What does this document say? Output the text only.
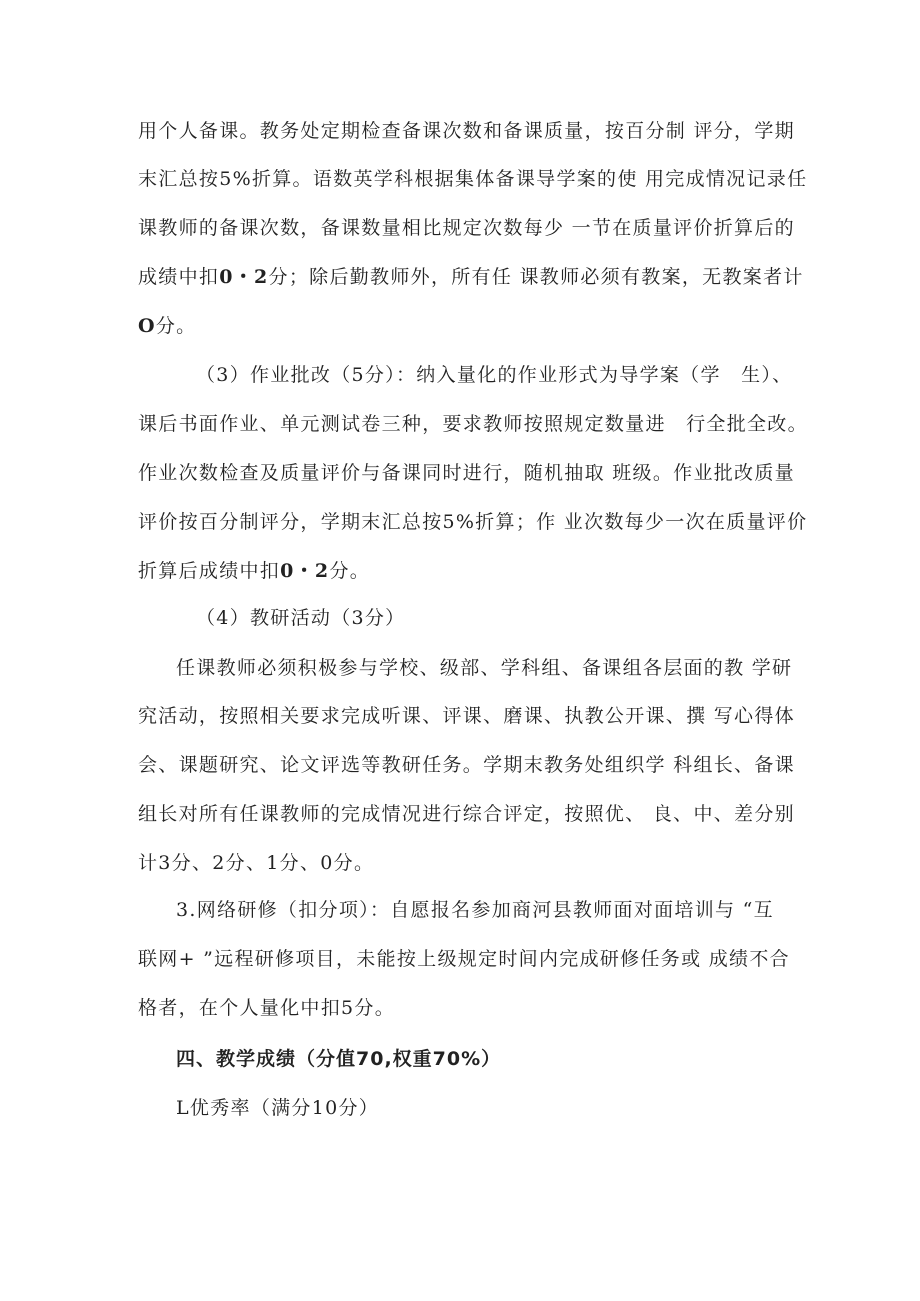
用个人备课。教务处定期检查备课次数和备课质量，按百分制 评分，学期
末汇总按5%折算。语数英学科根据集体备课导学案的使 用完成情况记录任
课教师的备课次数，备课数量相比规定次数每少 一节在质量评价折算后的
成绩中扣0・2分；除后勤教师外，所有任 课教师必须有教案，无教案者计
O分。
（3）作业批改（5分）：纳入量化的作业形式为导学案（学　生）、
课后书面作业、单元测试卷三种，要求教师按照规定数量进　行全批全改。
作业次数检查及质量评价与备课同时进行，随机抽取 班级。作业批改质量
评价按百分制评分，学期末汇总按5%折算；作 业次数每少一次在质量评价
折算后成绩中扣0・2分。
（4）教研活动（3分）
任课教师必须积极参与学校、级部、学科组、备课组各层面的教 学研
究活动，按照相关要求完成听课、评课、磨课、执教公开课、撰 写心得体
会、课题研究、论文评选等教研任务。学期末教务处组织学 科组长、备课
组长对所有任课教师的完成情况进行综合评定，按照优、 良、中、差分别
计3分、2分、1分、0分。
3.网络研修（扣分项）：自愿报名参加商河县教师面对面培训与 “互
联网+ ”远程研修项目，未能按上级规定时间内完成研修任务或 成绩不合
格者，在个人量化中扣5分。
四、教学成绩（分值70,权重70%）
L优秀率（满分10分）
